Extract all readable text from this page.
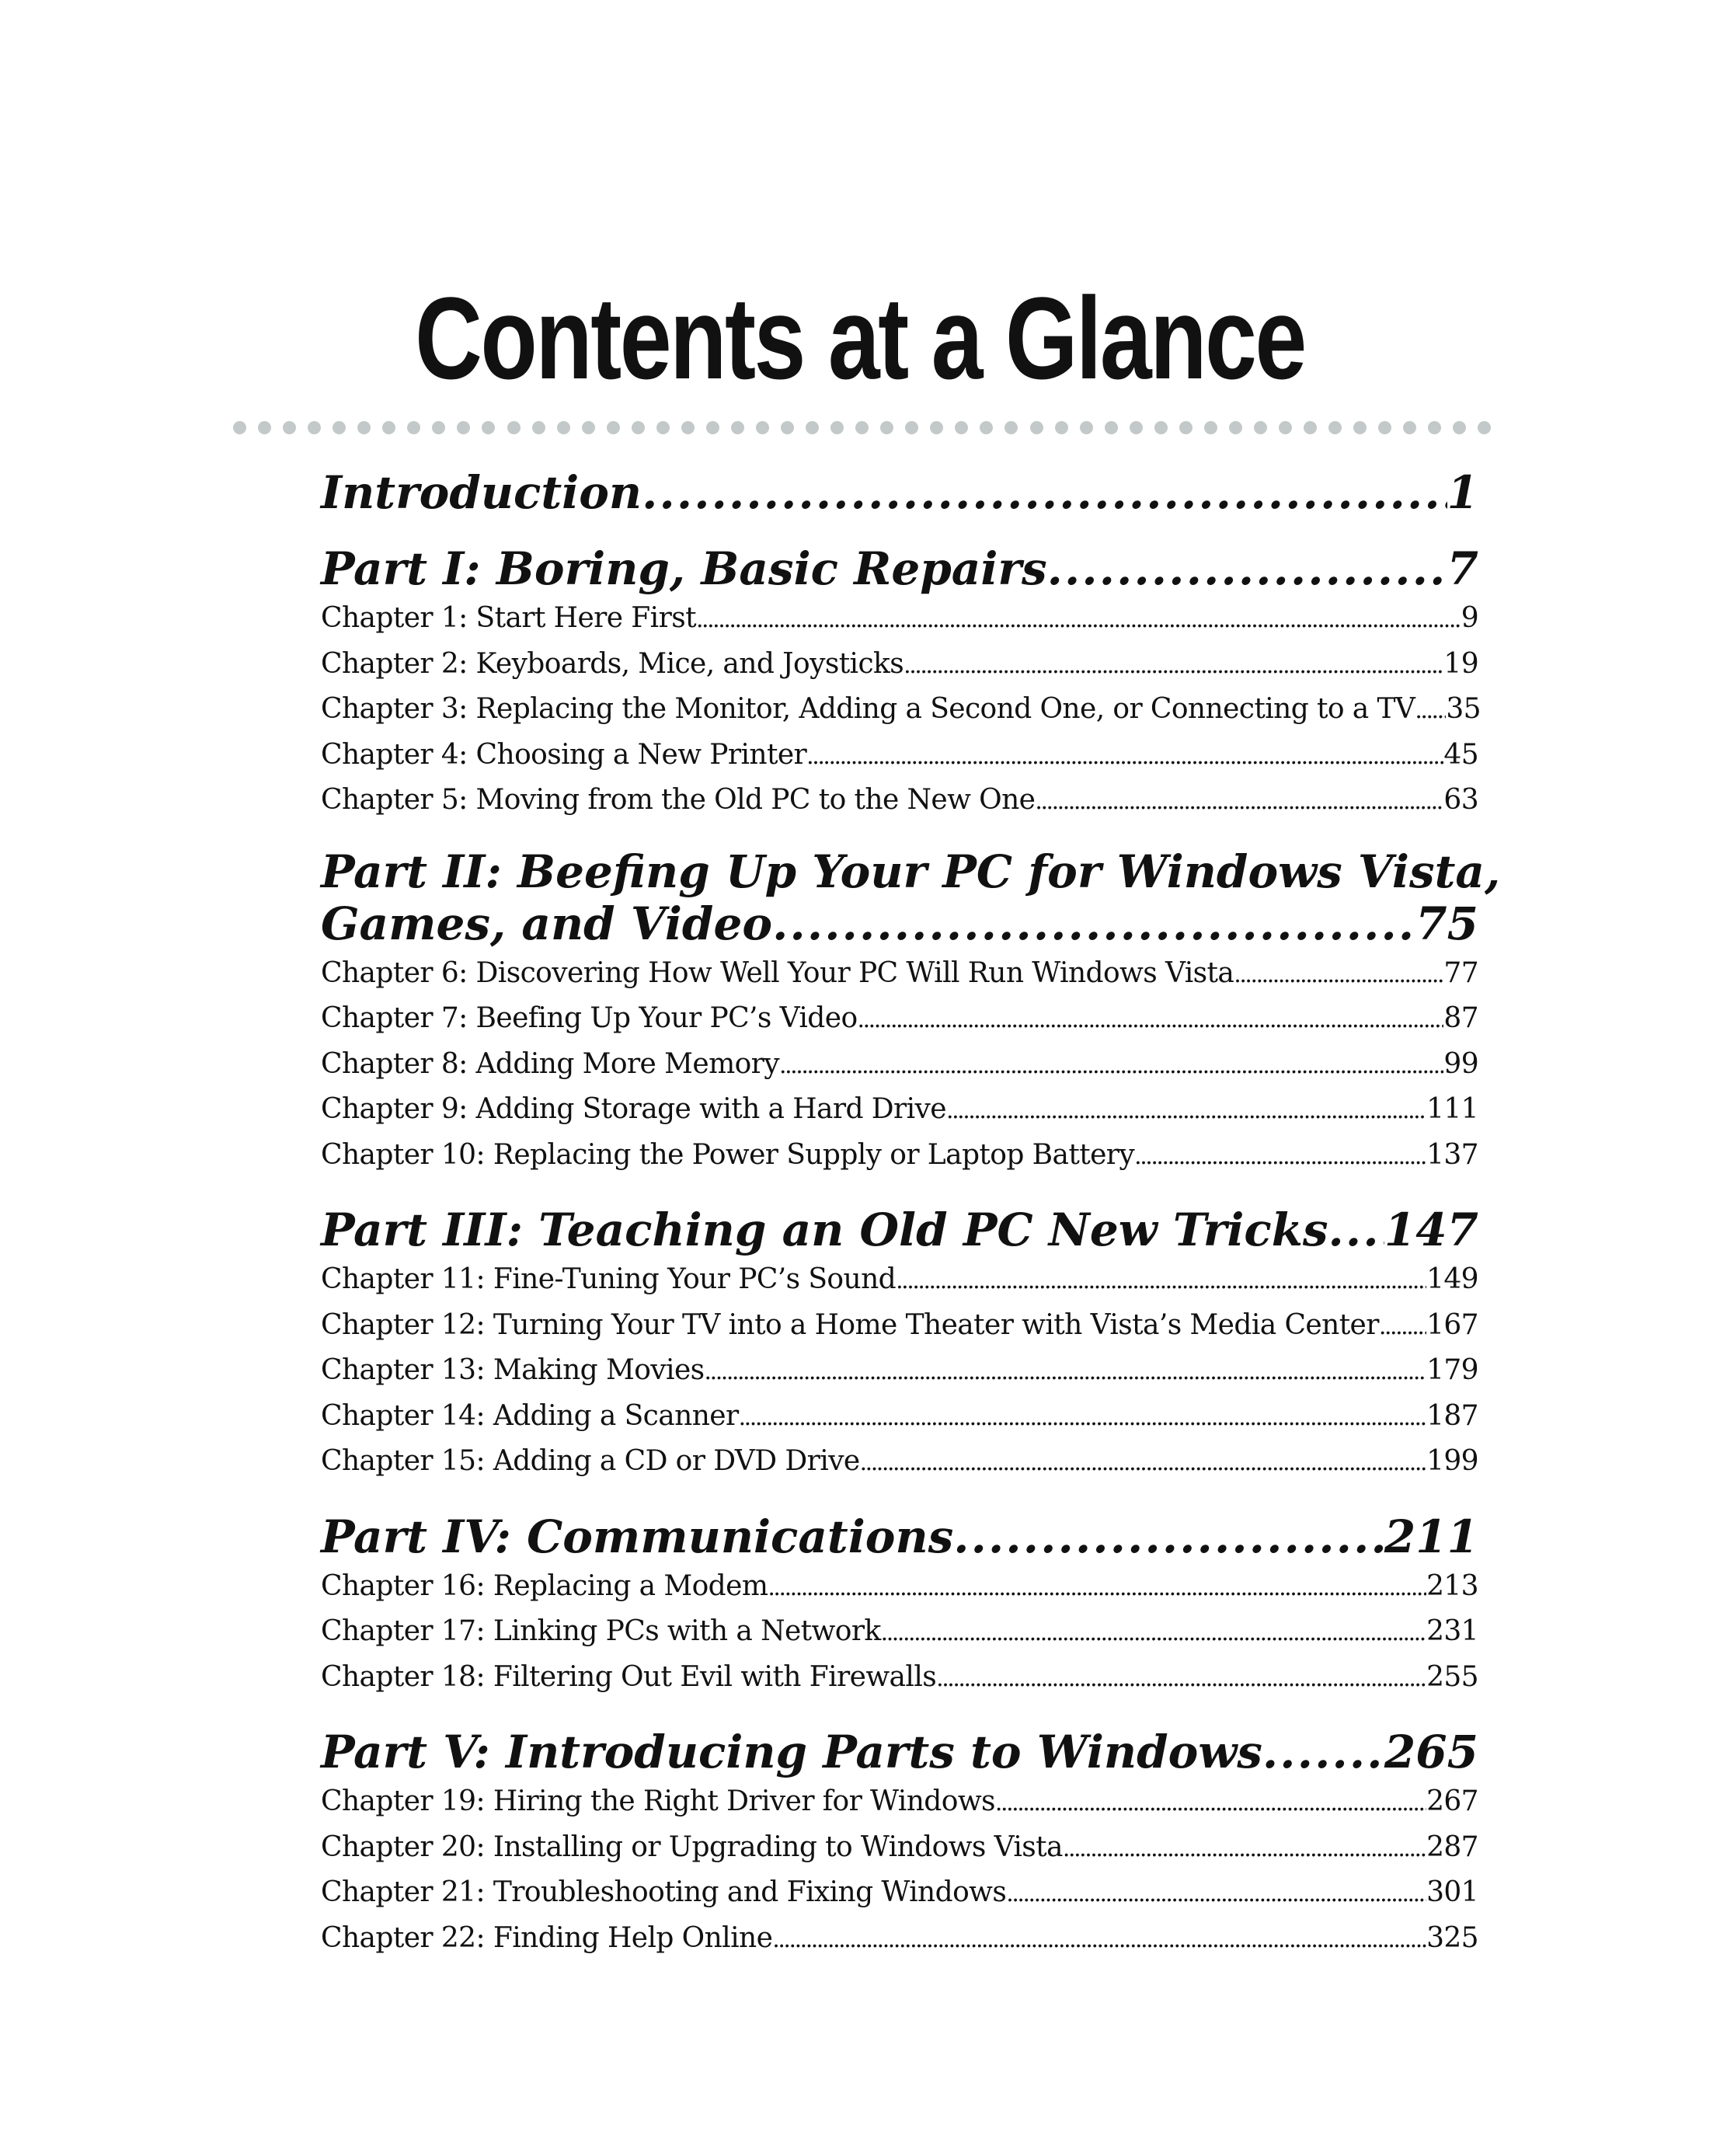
Contents at a Glance
Introduction . . .	1
Part I: Boring, Basic Repairs . . .	7
Chapter 1: Start Here First . . .	9
Chapter 2: Keyboards, Mice, and Joysticks . . .	19
Chapter 3: Replacing the Monitor, Adding a Second One, or Connecting to a TV . . . 35
Chapter 4: Choosing a New Printer . . .	45
Chapter 5: Moving from the Old PC to the New One . . .	63
Part II: Beefing Up Your PC for Windows Vista,
Games, and Video . . .	75
Chapter 6: Discovering How Well Your PC Will Run Windows Vista . . .	77
Chapter 7: Beefing Up Your PC’s Video . . .	87
Chapter 8: Adding More Memory . . .	99
Chapter 9: Adding Storage with a Hard Drive . . .	111
Chapter 10: Replacing the Power Supply or Laptop Battery . . .	137
Part III: Teaching an Old PC New Tricks . . . 147
Chapter 11: Fine-Tuning Your PC’s Sound . . .	149
Chapter 12: Turning Your TV into a Home Theater with Vista’s Media Center . . . 167
Chapter 13: Making Movies . . .	179
Chapter 14: Adding a Scanner . . .	187
Chapter 15: Adding a CD or DVD Drive . . .	199
Part IV: Communications . . .	211
Chapter 16: Replacing a Modem . . .	213
Chapter 17: Linking PCs with a Network . . .	231
Chapter 18: Filtering Out Evil with Firewalls . . .	255
Part V: Introducing Parts to Windows . . .	265
Chapter 19: Hiring the Right Driver for Windows . . .	267
Chapter 20: Installing or Upgrading to Windows Vista . . .	287
Chapter 21: Troubleshooting and Fixing Windows . . .	301
Chapter 22: Finding Help Online . . .	325
